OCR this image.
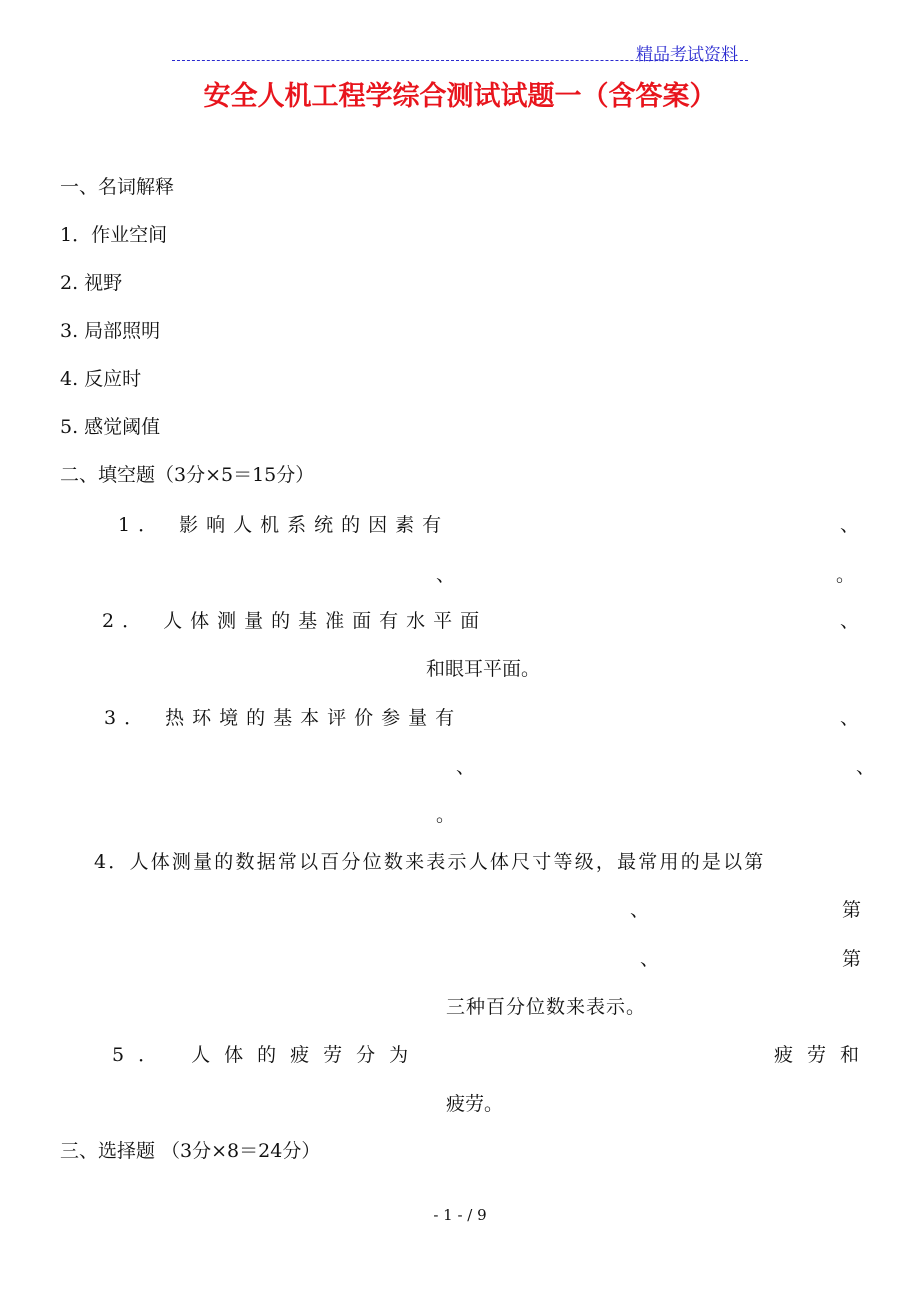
精品考试资料
安全人机工程学综合测试试题一（含答案）
一、名词解释
1．作业空间
2. 视野
3. 局部照明
4. 反应时
5. 感觉阈值
二、填空题（3分×5＝15分）
1． 影响人机系统的因素有	、
、	。
2． 人体测量的基准面有水平面	、
和眼耳平面。
3． 热环境的基本评价参量有	、
、	、
。
4．人体测量的数据常以百分位数来表示人体尺寸等级，最常用的是以第
、	第
、	第
三种百分位数来表示。
5． 人体的疲劳分为	疲劳和
疲劳。
三、选择题 （3分×8＝24分）
- 1 - / 9
